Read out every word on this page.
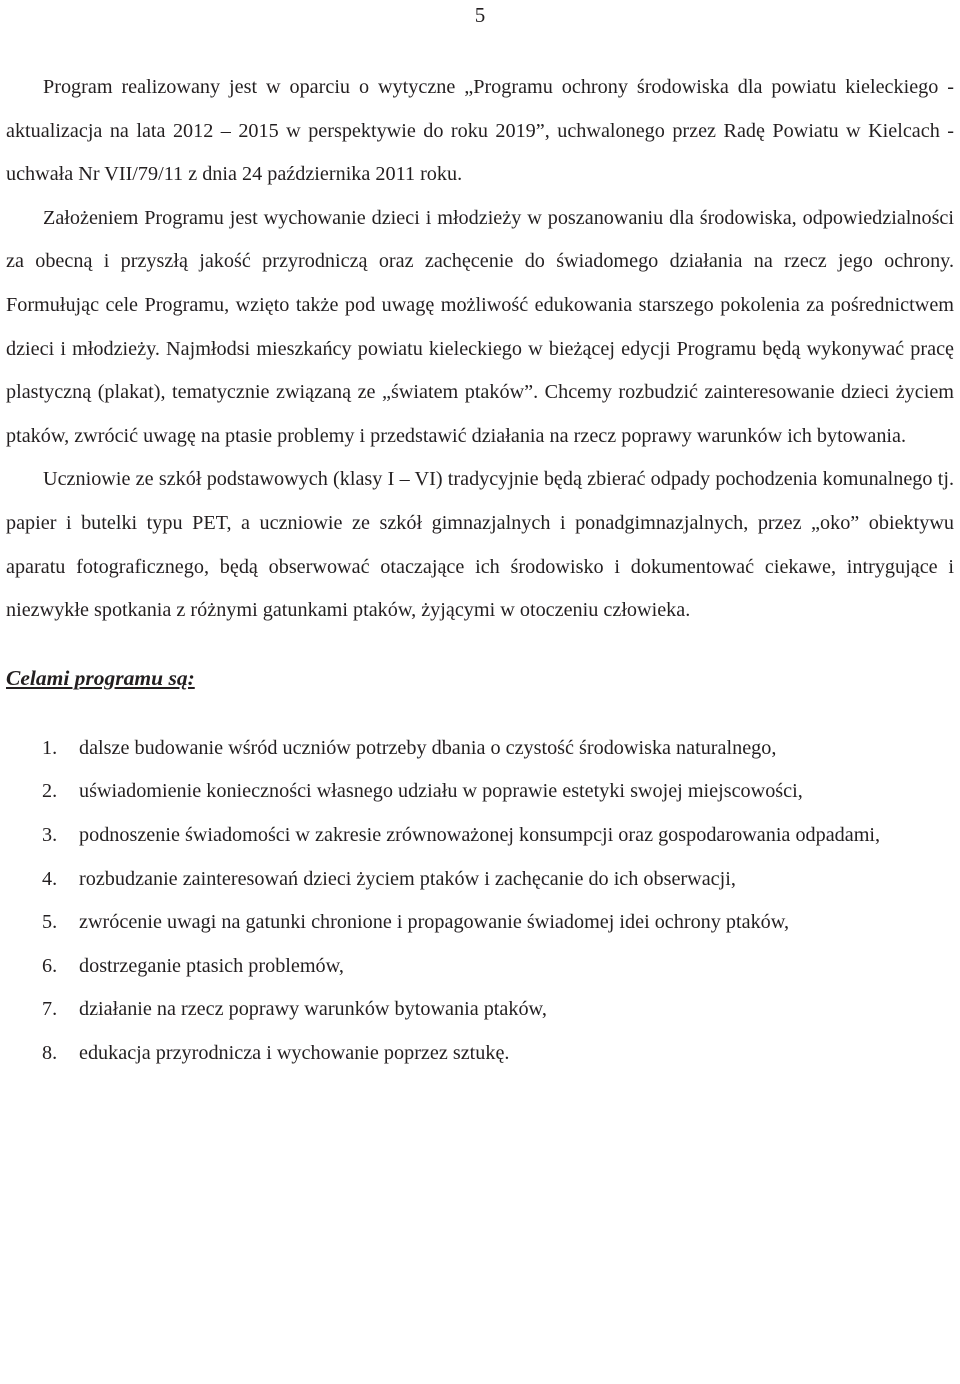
5

Program realizowany jest w oparciu o wytyczne „Programu ochrony środowiska dla powiatu kieleckiego - aktualizacja na lata 2012 – 2015 w perspektywie do roku 2019”, uchwalonego przez Radę Powiatu w Kielcach - uchwała Nr VII/79/11 z dnia 24 października 2011 roku.

Założeniem Programu jest wychowanie dzieci i młodzieży w poszanowaniu dla środowiska, odpowiedzialności za obecną i przyszłą jakość przyrodniczą oraz zachęcenie do świadomego działania na rzecz jego ochrony. Formułując cele Programu, wzięto także pod uwagę możliwość edukowania starszego pokolenia za pośrednictwem dzieci i młodzieży. Najmłodsi mieszkańcy powiatu kieleckiego w bieżącej edycji Programu będą wykonywać pracę plastyczną (plakat), tematycznie związaną ze „światem ptaków”. Chcemy rozbudzić zainteresowanie dzieci życiem ptaków, zwrócić uwagę na ptasie problemy i przedstawić działania na rzecz poprawy warunków ich bytowania.

Uczniowie ze szkół podstawowych (klasy I – VI) tradycyjnie będą zbierać odpady pochodzenia komunalnego tj. papier i butelki typu PET, a uczniowie ze szkół gimnazjalnych i ponadgimnazjalnych, przez „oko” obiektywu aparatu fotograficznego, będą obserwować otaczające ich środowisko i dokumentować ciekawe, intrygujące i niezwykłe spotkania z różnymi gatunkami ptaków, żyjącymi w otoczeniu człowieka.

Celami programu są:
1. dalsze budowanie wśród uczniów potrzeby dbania o czystość środowiska naturalnego,
2. uświadomienie konieczności własnego udziału w poprawie estetyki swojej miejscowości,
3. podnoszenie świadomości w zakresie zrównoważonej konsumpcji oraz gospodarowania odpadami,
4. rozbudzanie zainteresowań dzieci życiem ptaków i zachęcanie do ich obserwacji,
5. zwrócenie uwagi na gatunki chronione i propagowanie świadomej idei ochrony ptaków,
6. dostrzeganie ptasich problemów,
7. działanie na rzecz poprawy warunków bytowania ptaków,
8. edukacja przyrodnicza i wychowanie poprzez sztukę.
